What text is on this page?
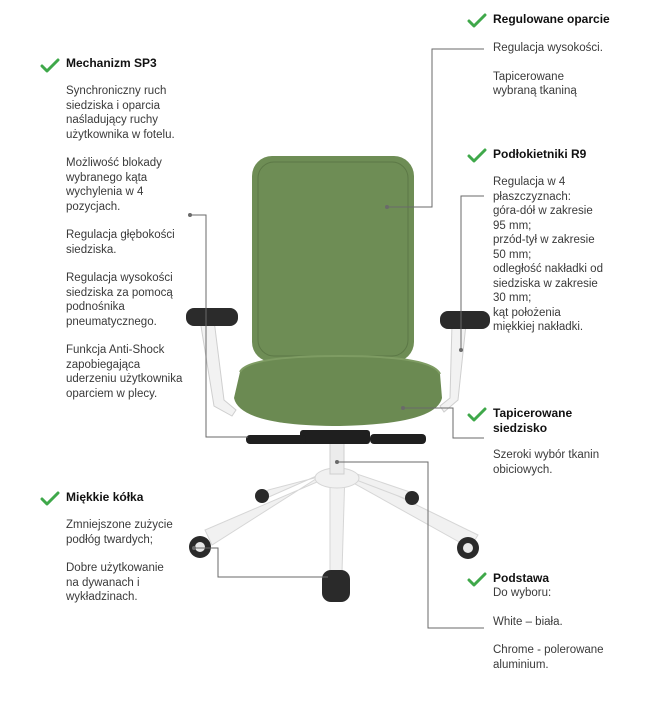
Mechanizm SP3

Synchroniczny ruch
siedziska i oparcia
naśladujący ruchy
użytkownika w fotelu.

Możliwość blokady
wybranego kąta
wychylenia w 4
pozycjach.

Regulacja głębokości
siedziska.

Regulacja wysokości
siedziska za pomocą
podnośnika
pneumatycznego.

Funkcja Anti-Shock
zapobiegająca
uderzeniu użytkownika
oparciem w plecy.

Regulowane oparcie

Regulacja wysokości.

Tapicerowane
wybraną tkaniną

Podłokietniki R9

Regulacja w 4
płaszczyznach:
góra-dół w zakresie
95 mm;
przód-tył w zakresie
50 mm;
odległość nakładki od
siedziska w zakresie
30 mm;
kąt położenia
miękkiej nakładki.

Tapicerowane
siedzisko

Szeroki wybór tkanin
obiciowych.

Miękkie kółka

Zmniejszone zużycie
podłóg twardych;

Dobre użytkowanie
na dywanach i
wykładzinach.

Podstawa

Do wyboru:

White – biała.

Chrome - polerowane
aluminium.
